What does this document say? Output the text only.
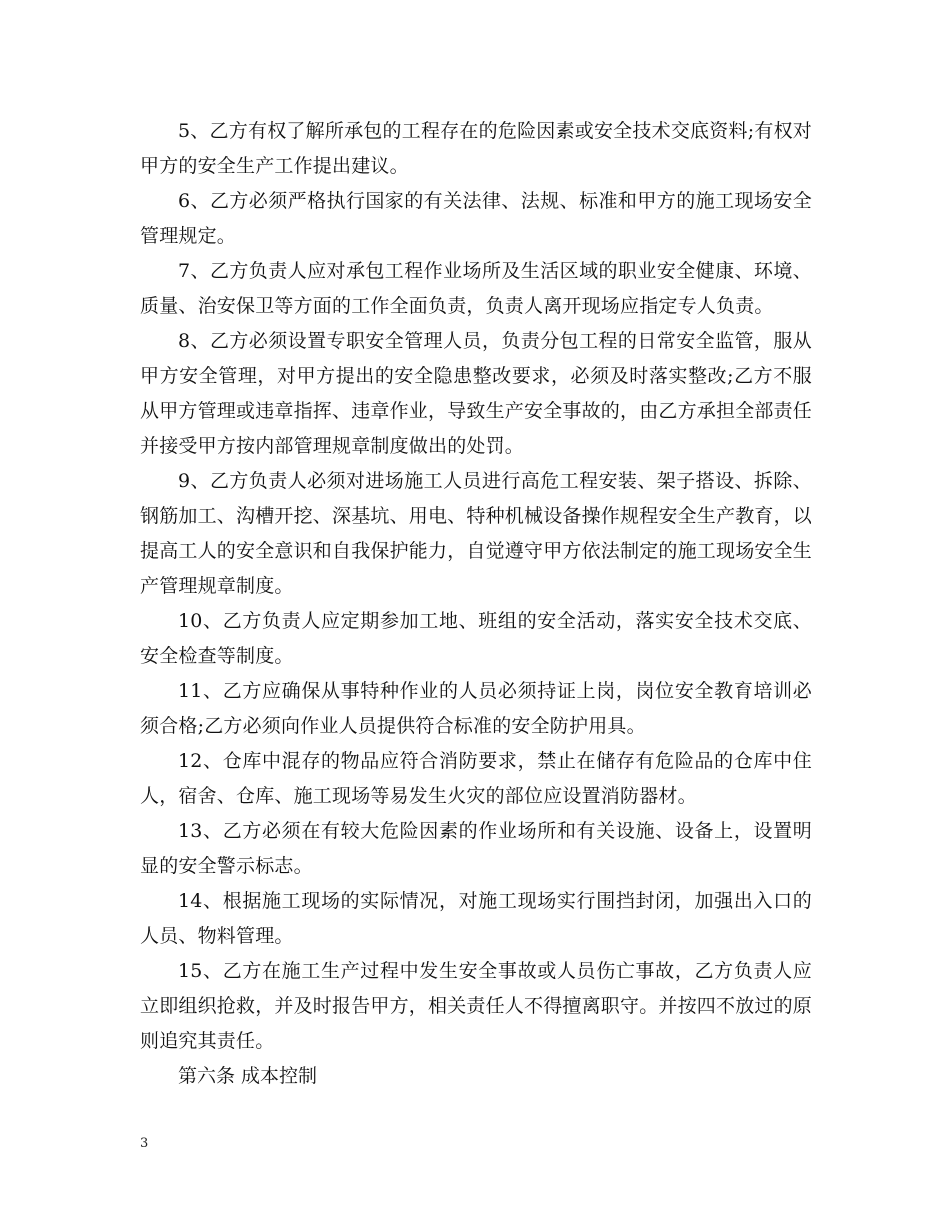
5、乙方有权了解所承包的工程存在的危险因素或安全技术交底资料;有权对甲方的安全生产工作提出建议。

6、乙方必须严格执行国家的有关法律、法规、标准和甲方的施工现场安全管理规定。

7、乙方负责人应对承包工程作业场所及生活区域的职业安全健康、环境、质量、治安保卫等方面的工作全面负责，负责人离开现场应指定专人负责。

8、乙方必须设置专职安全管理人员，负责分包工程的日常安全监管，服从甲方安全管理，对甲方提出的安全隐患整改要求，必须及时落实整改;乙方不服从甲方管理或违章指挥、违章作业，导致生产安全事故的，由乙方承担全部责任并接受甲方按内部管理规章制度做出的处罚。

9、乙方负责人必须对进场施工人员进行高危工程安装、架子搭设、拆除、钢筋加工、沟槽开挖、深基坑、用电、特种机械设备操作规程安全生产教育，以提高工人的安全意识和自我保护能力，自觉遵守甲方依法制定的施工现场安全生产管理规章制度。

10、乙方负责人应定期参加工地、班组的安全活动，落实安全技术交底、安全检查等制度。

11、乙方应确保从事特种作业的人员必须持证上岗，岗位安全教育培训必须合格;乙方必须向作业人员提供符合标准的安全防护用具。

12、仓库中混存的物品应符合消防要求，禁止在储存有危险品的仓库中住人，宿舍、仓库、施工现场等易发生火灾的部位应设置消防器材。

13、乙方必须在有较大危险因素的作业场所和有关设施、设备上，设置明显的安全警示标志。

14、根据施工现场的实际情况，对施工现场实行围挡封闭，加强出入口的人员、物料管理。

15、乙方在施工生产过程中发生安全事故或人员伤亡事故，乙方负责人应立即组织抢救，并及时报告甲方，相关责任人不得擅离职守。并按四不放过的原则追究其责任。

第六条 成本控制

3
